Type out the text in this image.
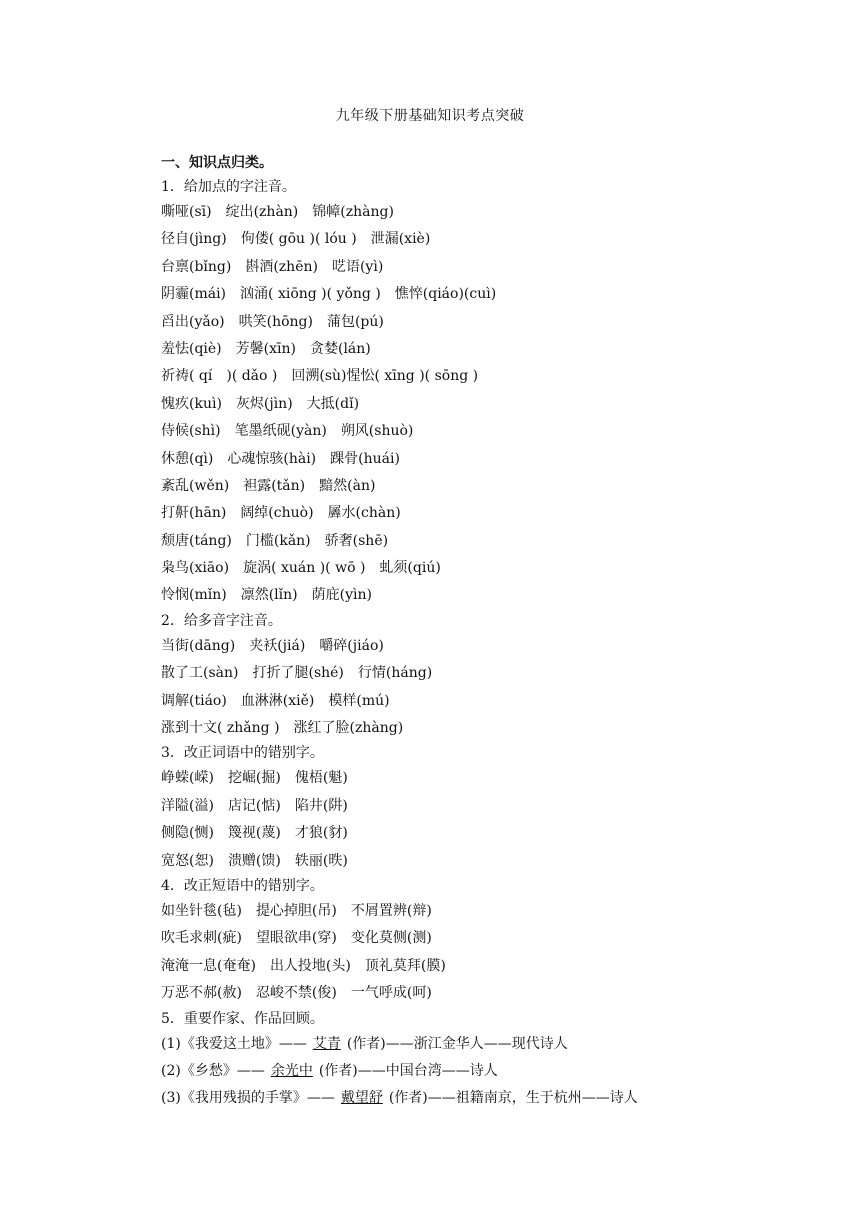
九年级下册基础知识考点突破
一、知识点归类。
1．给加点的字注音。
嘶哑(sī) 绽出(zhàn) 锦幛(zhàng)
径自(jìng) 佝偻( gōu )( lóu ) 泄漏(xiè)
台禀(bǐng) 斟酒(zhēn) 呓语(yì)
阴霾(mái) 汹涌( xiōng )( yǒng ) 憔悴(qiáo)(cuì)
舀出(yǎo) 哄笑(hōng) 蒲包(pú)
羞怯(qiè) 芳馨(xīn) 贪婪(lán)
祈祷( qí　)( dǎo ) 回溯(sù)惺忪( xīng )( sōng )
愧疚(kuì) 灰烬(jìn) 大抵(dǐ)
侍候(shì) 笔墨纸砚(yàn) 朔风(shuò)
休憩(qì) 心魂惊骇(hài) 踝骨(huái)
紊乱(wěn) 袒露(tǎn) 黯然(àn)
打鼾(hān) 阔绰(chuò) 羼水(chàn)
颓唐(táng) 门槛(kǎn) 骄奢(shē)
枭鸟(xiāo) 旋涡( xuán )( wō ) 虬须(qiú)
怜悯(mǐn) 凛然(lǐn) 荫庇(yìn)
2．给多音字注音。
当街(dāng) 夹袄(jiá) 嚼碎(jiáo)
散了工(sàn) 打折了腿(shé) 行情(háng)
调解(tiáo) 血淋淋(xiě) 模样(mú)
涨到十文( zhǎng ) 涨红了脸(zhàng)
3．改正词语中的错别字。
峥蝾(嵘) 挖崛(掘) 傀梧(魁)
洋隘(溢) 店记(惦) 陷井(阱)
侧隐(恻) 篾视(蔑) 才狼(豺)
宽怒(恕) 溃赠(馈) 轶丽(昳)
4．改正短语中的错别字。
如坐针毯(毡) 提心掉胆(吊) 不屑置辨(辩)
吹毛求刺(疵) 望眼欲串(穿) 变化莫侧(测)
淹淹一息(奄奄) 出人投地(头) 顶礼莫拜(膜)
万恶不郝(赦) 忍峻不禁(俊) 一气呼成(呵)
5．重要作家、作品回顾。
(1)《我爱这土地》—— 艾青 (作者)——浙江金华人——现代诗人
(2)《乡愁》—— 余光中 (作者)——中国台湾——诗人
(3)《我用残损的手掌》—— 戴望舒 (作者)——祖籍南京，生于杭州——诗人
